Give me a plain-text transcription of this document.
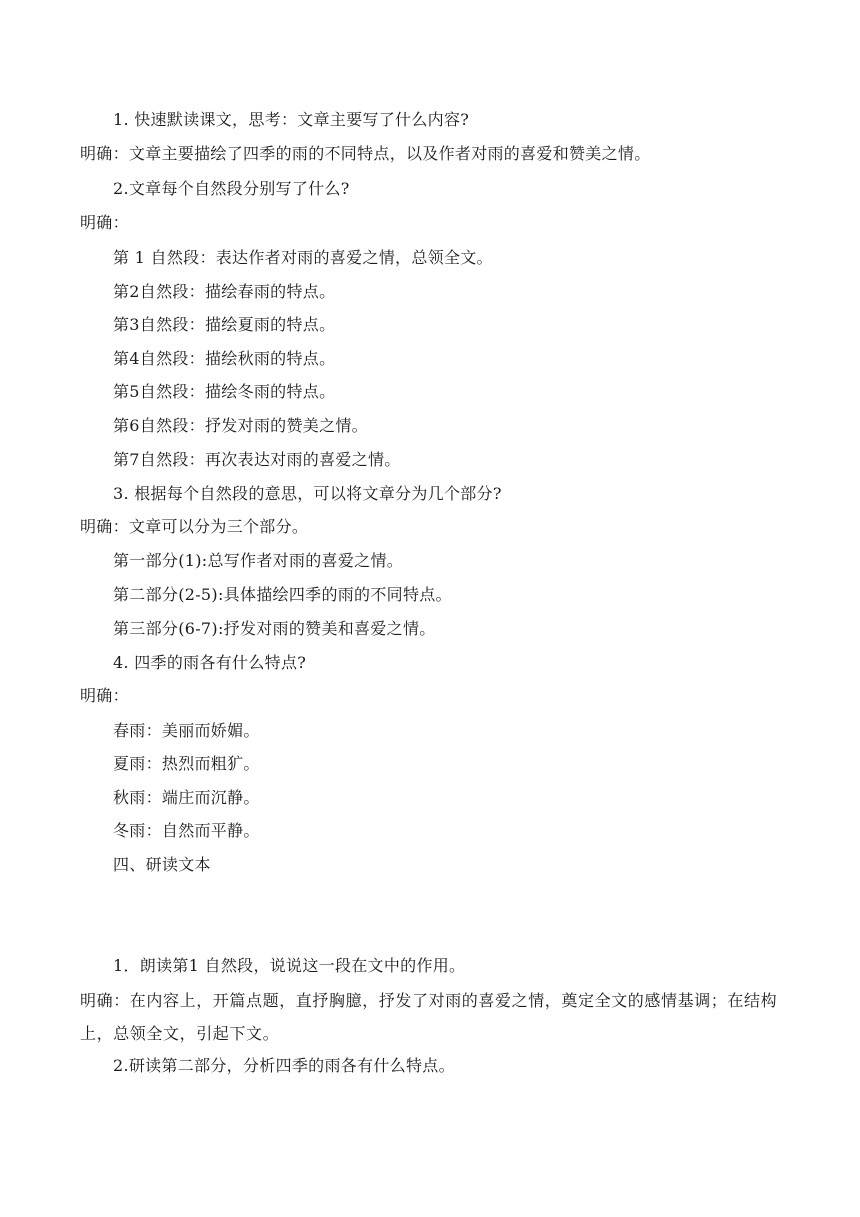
1. 快速默读课文，思考：文章主要写了什么内容?
明确：文章主要描绘了四季的雨的不同特点，以及作者对雨的喜爱和赞美之情。
2.文章每个自然段分别写了什么?
明确：
第 1 自然段：表达作者对雨的喜爱之情，总领全文。
第2自然段：描绘春雨的特点。
第3自然段：描绘夏雨的特点。
第4自然段：描绘秋雨的特点。
第5自然段：描绘冬雨的特点。
第6自然段：抒发对雨的赞美之情。
第7自然段：再次表达对雨的喜爱之情。
3. 根据每个自然段的意思，可以将文章分为几个部分?
明确：文章可以分为三个部分。
第一部分(1):总写作者对雨的喜爱之情。
第二部分(2-5):具体描绘四季的雨的不同特点。
第三部分(6-7):抒发对雨的赞美和喜爱之情。
4. 四季的雨各有什么特点?
明确：
春雨：美丽而娇媚。
夏雨：热烈而粗犷。
秋雨：端庄而沉静。
冬雨：自然而平静。
四、研读文本
1．朗读第1 自然段，说说这一段在文中的作用。
明确：在内容上，开篇点题，直抒胸臆，抒发了对雨的喜爱之情，奠定全文的感情基调；在结构上，总领全文，引起下文。
2.研读第二部分，分析四季的雨各有什么特点。
